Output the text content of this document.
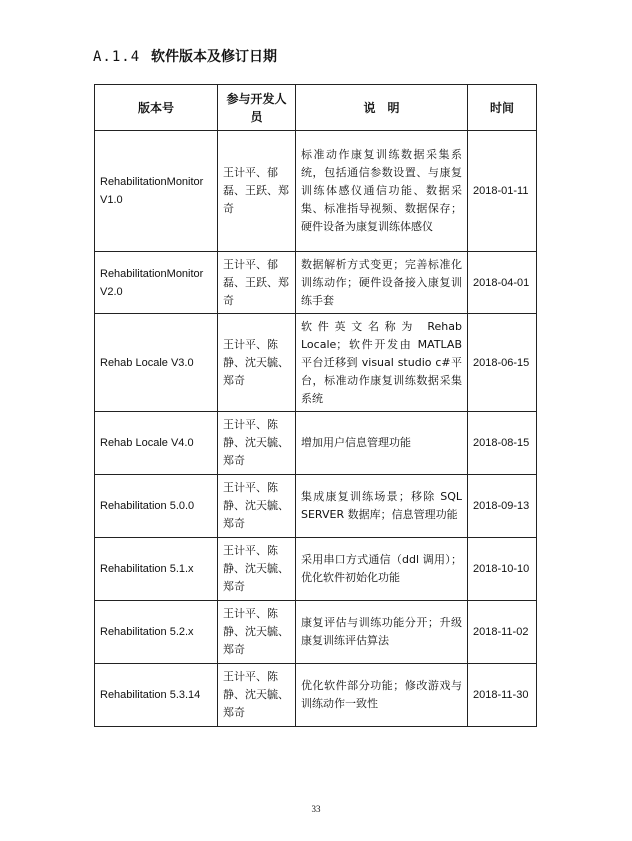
A.1.4 软件版本及修订日期
版本号	参与开发人员	说　明	时间
RehabilitationMonitor V1.0	王计平、郁磊、王跃、郑奇	标准动作康复训练数据采集系统，包括通信参数设置、与康复训练体感仪通信功能、数据采集、标准指导视频、数据保存；硬件设备为康复训练体感仪	2018-01-11
RehabilitationMonitor V2.0	王计平、郁磊、王跃、郑奇	数据解析方式变更；完善标准化训练动作；硬件设备接入康复训练手套	2018-04-01
Rehab Locale V3.0	王计平、陈静、沈天毓、郑奇	软件英文名称为 Rehab Locale；软件开发由 MATLAB 平台迁移到 visual studio c#平台，标准动作康复训练数据采集系统	2018-06-15
Rehab Locale V4.0	王计平、陈静、沈天毓、郑奇	增加用户信息管理功能	2018-08-15
Rehabilitation 5.0.0	王计平、陈静、沈天毓、郑奇	集成康复训练场景；移除 SQL SERVER 数据库；信息管理功能	2018-09-13
Rehabilitation 5.1.x	王计平、陈静、沈天毓、郑奇	采用串口方式通信（ddl 调用）；优化软件初始化功能	2018-10-10
Rehabilitation 5.2.x	王计平、陈静、沈天毓、郑奇	康复评估与训练功能分开；升级康复训练评估算法	2018-11-02
Rehabilitation 5.3.14	王计平、陈静、沈天毓、郑奇	优化软件部分功能；修改游戏与训练动作一致性	2018-11-30
33
